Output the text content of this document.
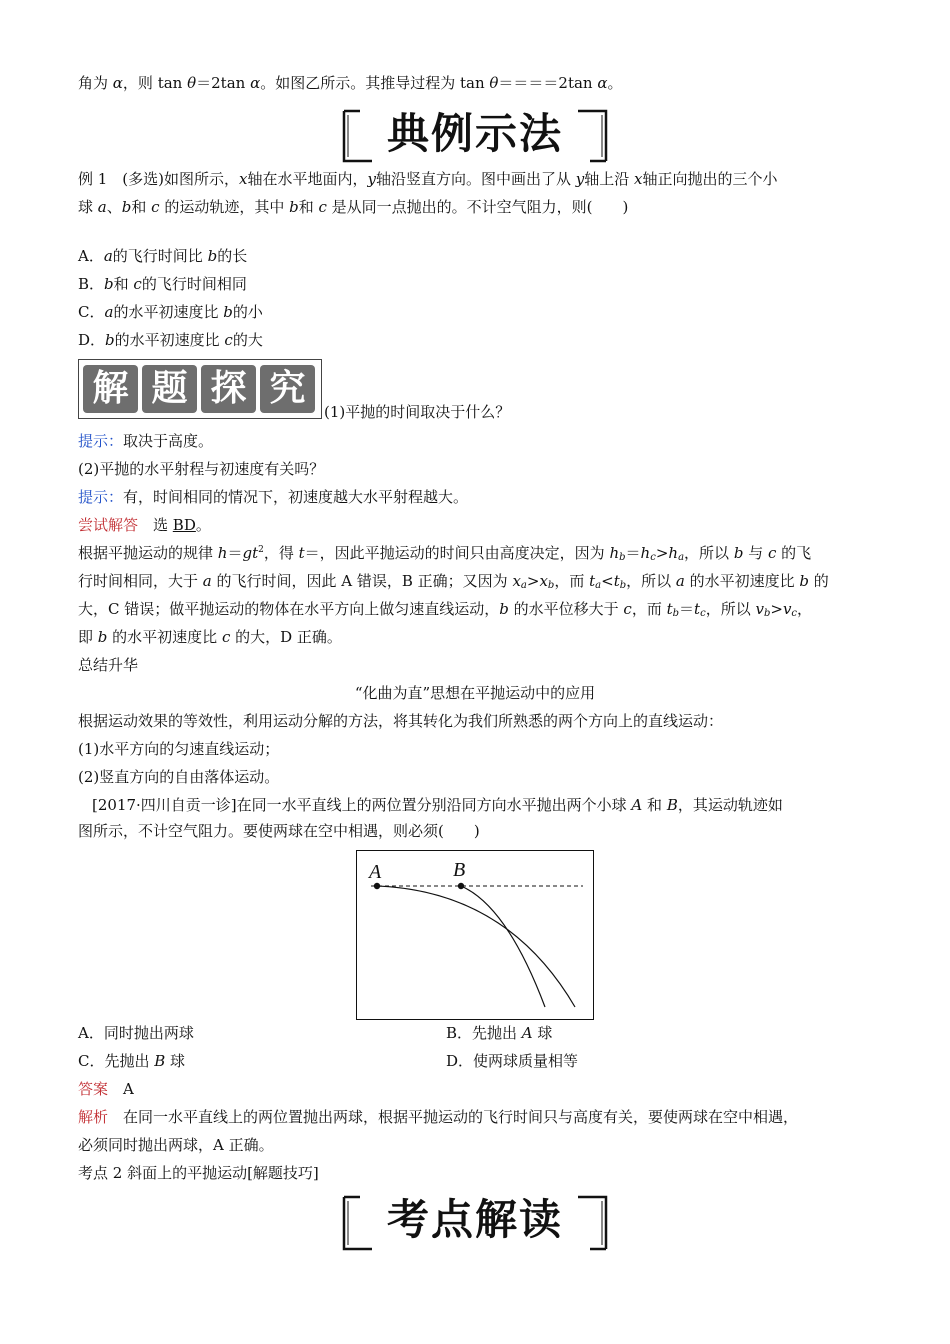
角为 α，则 tan θ＝2tan α。如图乙所示。其推导过程为 tan θ＝＝＝＝2tan α。
典例示法
例 1　(多选)如图所示，x轴在水平地面内，y轴沿竖直方向。图中画出了从 y轴上沿 x轴正向抛出的三个小
球 a、b和 c 的运动轨迹，其中 b和 c 是从同一点抛出的。不计空气阻力，则(　　)
A．a的飞行时间比 b的长
B．b和 c的飞行时间相同
C．a的水平初速度比 b的小
D．b的水平初速度比 c的大
解 题 探 究
(1)平抛的时间取决于什么？
提示：取决于高度。
(2)平抛的水平射程与初速度有关吗？
提示：有，时间相同的情况下，初速度越大水平射程越大。
尝试解答　选 BD。
根据平抛运动的规律 $h=gt^2$，得 t＝，因此平抛运动的时间只由高度决定，因为 $h_b=h_c>h_a$，所以 b 与 c 的飞
行时间相同，大于 a 的飞行时间，因此 A 错误，B 正确；又因为 $x_a>x_b$，而 $t_a<t_b$，所以 a 的水平初速度比 b 的
大，C 错误；做平抛运动的物体在水平方向上做匀速直线运动，b 的水平位移大于 c，而 $t_b=t_c$，所以 $v_b>v_c$，
即 b 的水平初速度比 c 的大，D 正确。
总结升华
“化曲为直”思想在平抛运动中的应用
根据运动效果的等效性，利用运动分解的方法，将其转化为我们所熟悉的两个方向上的直线运动：
(1)水平方向的匀速直线运动；
(2)竖直方向的自由落体运动。
[2017·四川自贡一诊]在同一水平直线上的两位置分别沿同方向水平抛出两个小球 A 和 B，其运动轨迹如
图所示，不计空气阻力。要使两球在空中相遇，则必须(　　)
A	B
A．同时抛出两球	B．先抛出 A 球
C．先抛出 B 球	D．使两球质量相等
答案　A
解析　在同一水平直线上的两位置抛出两球，根据平抛运动的飞行时间只与高度有关，要使两球在空中相遇，
必须同时抛出两球，A 正确。
考点 2 斜面上的平抛运动[解题技巧]
考点解读
